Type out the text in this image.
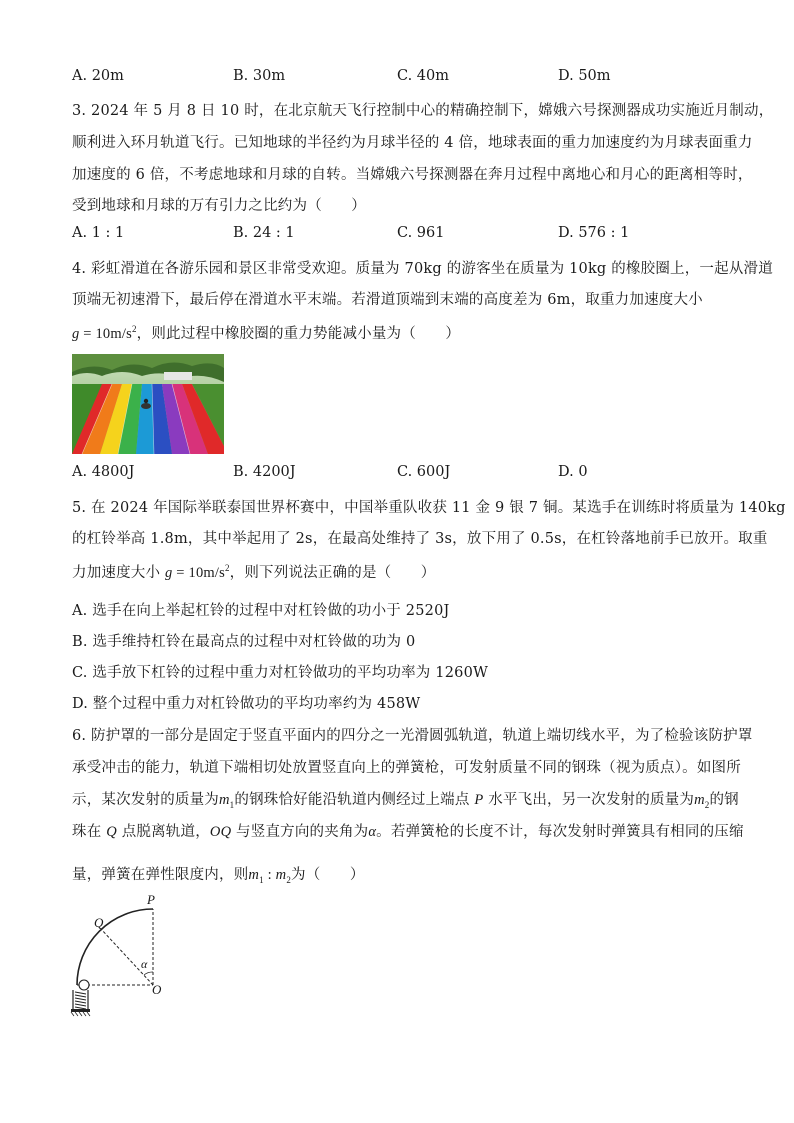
A. 20m	B. 30m	C. 40m	D. 50m
3. 2024 年 5 月 8 日 10 时，在北京航天飞行控制中心的精确控制下，嫦娥六号探测器成功实施近月制动，
顺利进入环月轨道飞行。已知地球的半径约为月球半径的 4 倍，地球表面的重力加速度约为月球表面重力
加速度的 6 倍，不考虑地球和月球的自转。当嫦娥六号探测器在奔月过程中离地心和月心的距离相等时，
受到地球和月球的万有引力之比约为（　　）
A. 1 : 1	B. 24 : 1	C. 961	D. 576 : 1
4. 彩虹滑道在各游乐园和景区非常受欢迎。质量为 70kg 的游客坐在质量为 10kg 的橡胶圈上，一起从滑道
顶端无初速滑下，最后停在滑道水平末端。若滑道顶端到末端的高度差为 6m，取重力加速度大小
$g = 10m/s^2$，则此过程中橡胶圈的重力势能减小量为（　　）
A. 4800J	B. 4200J	C. 600J	D. 0
5. 在 2024 年国际举联泰国世界杯赛中，中国举重队收获 11 金 9 银 7 铜。某选手在训练时将质量为 140kg
的杠铃举高 1.8m，其中举起用了 2s，在最高处维持了 3s，放下用了 0.5s，在杠铃落地前手已放开。取重
力加速度大小 $g = 10m/s^2$，则下列说法正确的是（　　）
A. 选手在向上举起杠铃的过程中对杠铃做的功小于 2520J
B. 选手维持杠铃在最高点的过程中对杠铃做的功为 0
C. 选手放下杠铃的过程中重力对杠铃做功的平均功率为 1260W
D. 整个过程中重力对杠铃做功的平均功率约为 458W
6. 防护罩的一部分是固定于竖直平面内的四分之一光滑圆弧轨道，轨道上端切线水平，为了检验该防护罩
承受冲击的能力，轨道下端相切处放置竖直向上的弹簧枪，可发射质量不同的钢珠（视为质点）。如图所
示，某次发射的质量为$m_1$的钢珠恰好能沿轨道内侧经过上端点 P 水平飞出，另一次发射的质量为$m_2$的钢
珠在 Q 点脱离轨道，OQ 与竖直方向的夹角为α。若弹簧枪的长度不计，每次发射时弹簧具有相同的压缩
量，弹簧在弹性限度内，则$m_1$ : $m_2$为（　　）
P
Q
α
O
